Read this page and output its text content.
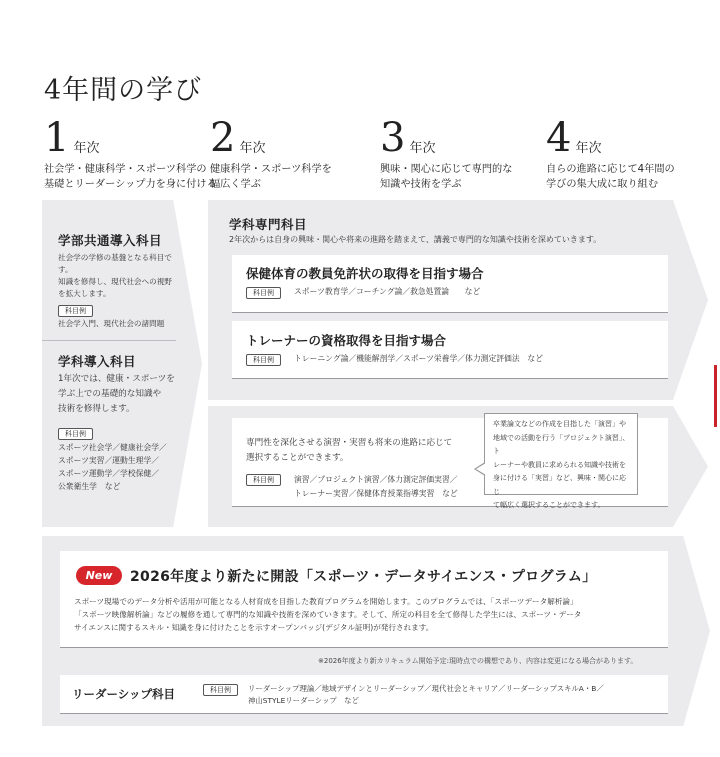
4年間の学び
1 年次
社会学・健康科学・スポーツ科学の
基礎とリーダーシップ力を身に付ける
2 年次
健康科学・スポーツ科学を
幅広く学ぶ
3 年次
興味・関心に応じて専門的な
知識や技術を学ぶ
4 年次
自らの進路に応じて4年間の
学びの集大成に取り組む
学部共通導入科目
社会学の学修の基盤となる科目で
す。
知識を修得し、現代社会への視野
を拡大します。
科目例
社会学入門、現代社会の諸問題
学科導入科目
1年次では、健康・スポーツを
学ぶ上での基礎的な知識や
技術を修得します。
科目例
スポーツ社会学／健康社会学／
スポーツ実習／運動生理学／
スポーツ運動学／学校保健／
公衆衛生学　など
学科専門科目
2年次からは自身の興味・関心や将来の進路を踏まえて、講義で専門的な知識や技術を深めていきます。
保健体育の教員免許状の取得を目指す場合
科目例	スポーツ教育学／コーチング論／救急処置論　　など
トレーナーの資格取得を目指す場合
科目例	トレーニング論／機能解剖学／スポーツ栄養学／体力測定評価法　など
専門性を深化させる演習・実習も将来の進路に応じて
選択することができます。
科目例	演習／プロジェクト演習／体力測定評価実習／
トレーナー実習／保健体育授業指導実習　など
卒業論文などの作成を目指した「演習」や
地域での活動を行う「プロジェクト演習」、ト
レーナーや教員に求められる知識や技術を
身に付ける「実習」など、興味・関心に応じ
て幅広く選択することができます。
New	2026年度より新たに開設「スポーツ・データサイエンス・プログラム」
スポーツ現場でのデータ分析や活用が可能となる人材育成を目指した教育プログラムを開始します。このプログラムでは、「スポーツデータ解析論」
「スポーツ映像解析論」などの履修を通して専門的な知識や技術を深めていきます。そして、所定の科目を全て修得した学生には、スポーツ・データ
サイエンスに関するスキル・知識を身に付けたことを示すオープンバッジ(デジタル証明)が発行されます。
※2026年度より新カリキュラム開始予定:現時点での構想であり、内容は変更になる場合があります。
リーダーシップ科目	科目例	リーダーシップ理論／地域デザインとリーダーシップ／現代社会とキャリア／リーダーシップスキルA・B／
神山STYLEリーダーシップ　など
